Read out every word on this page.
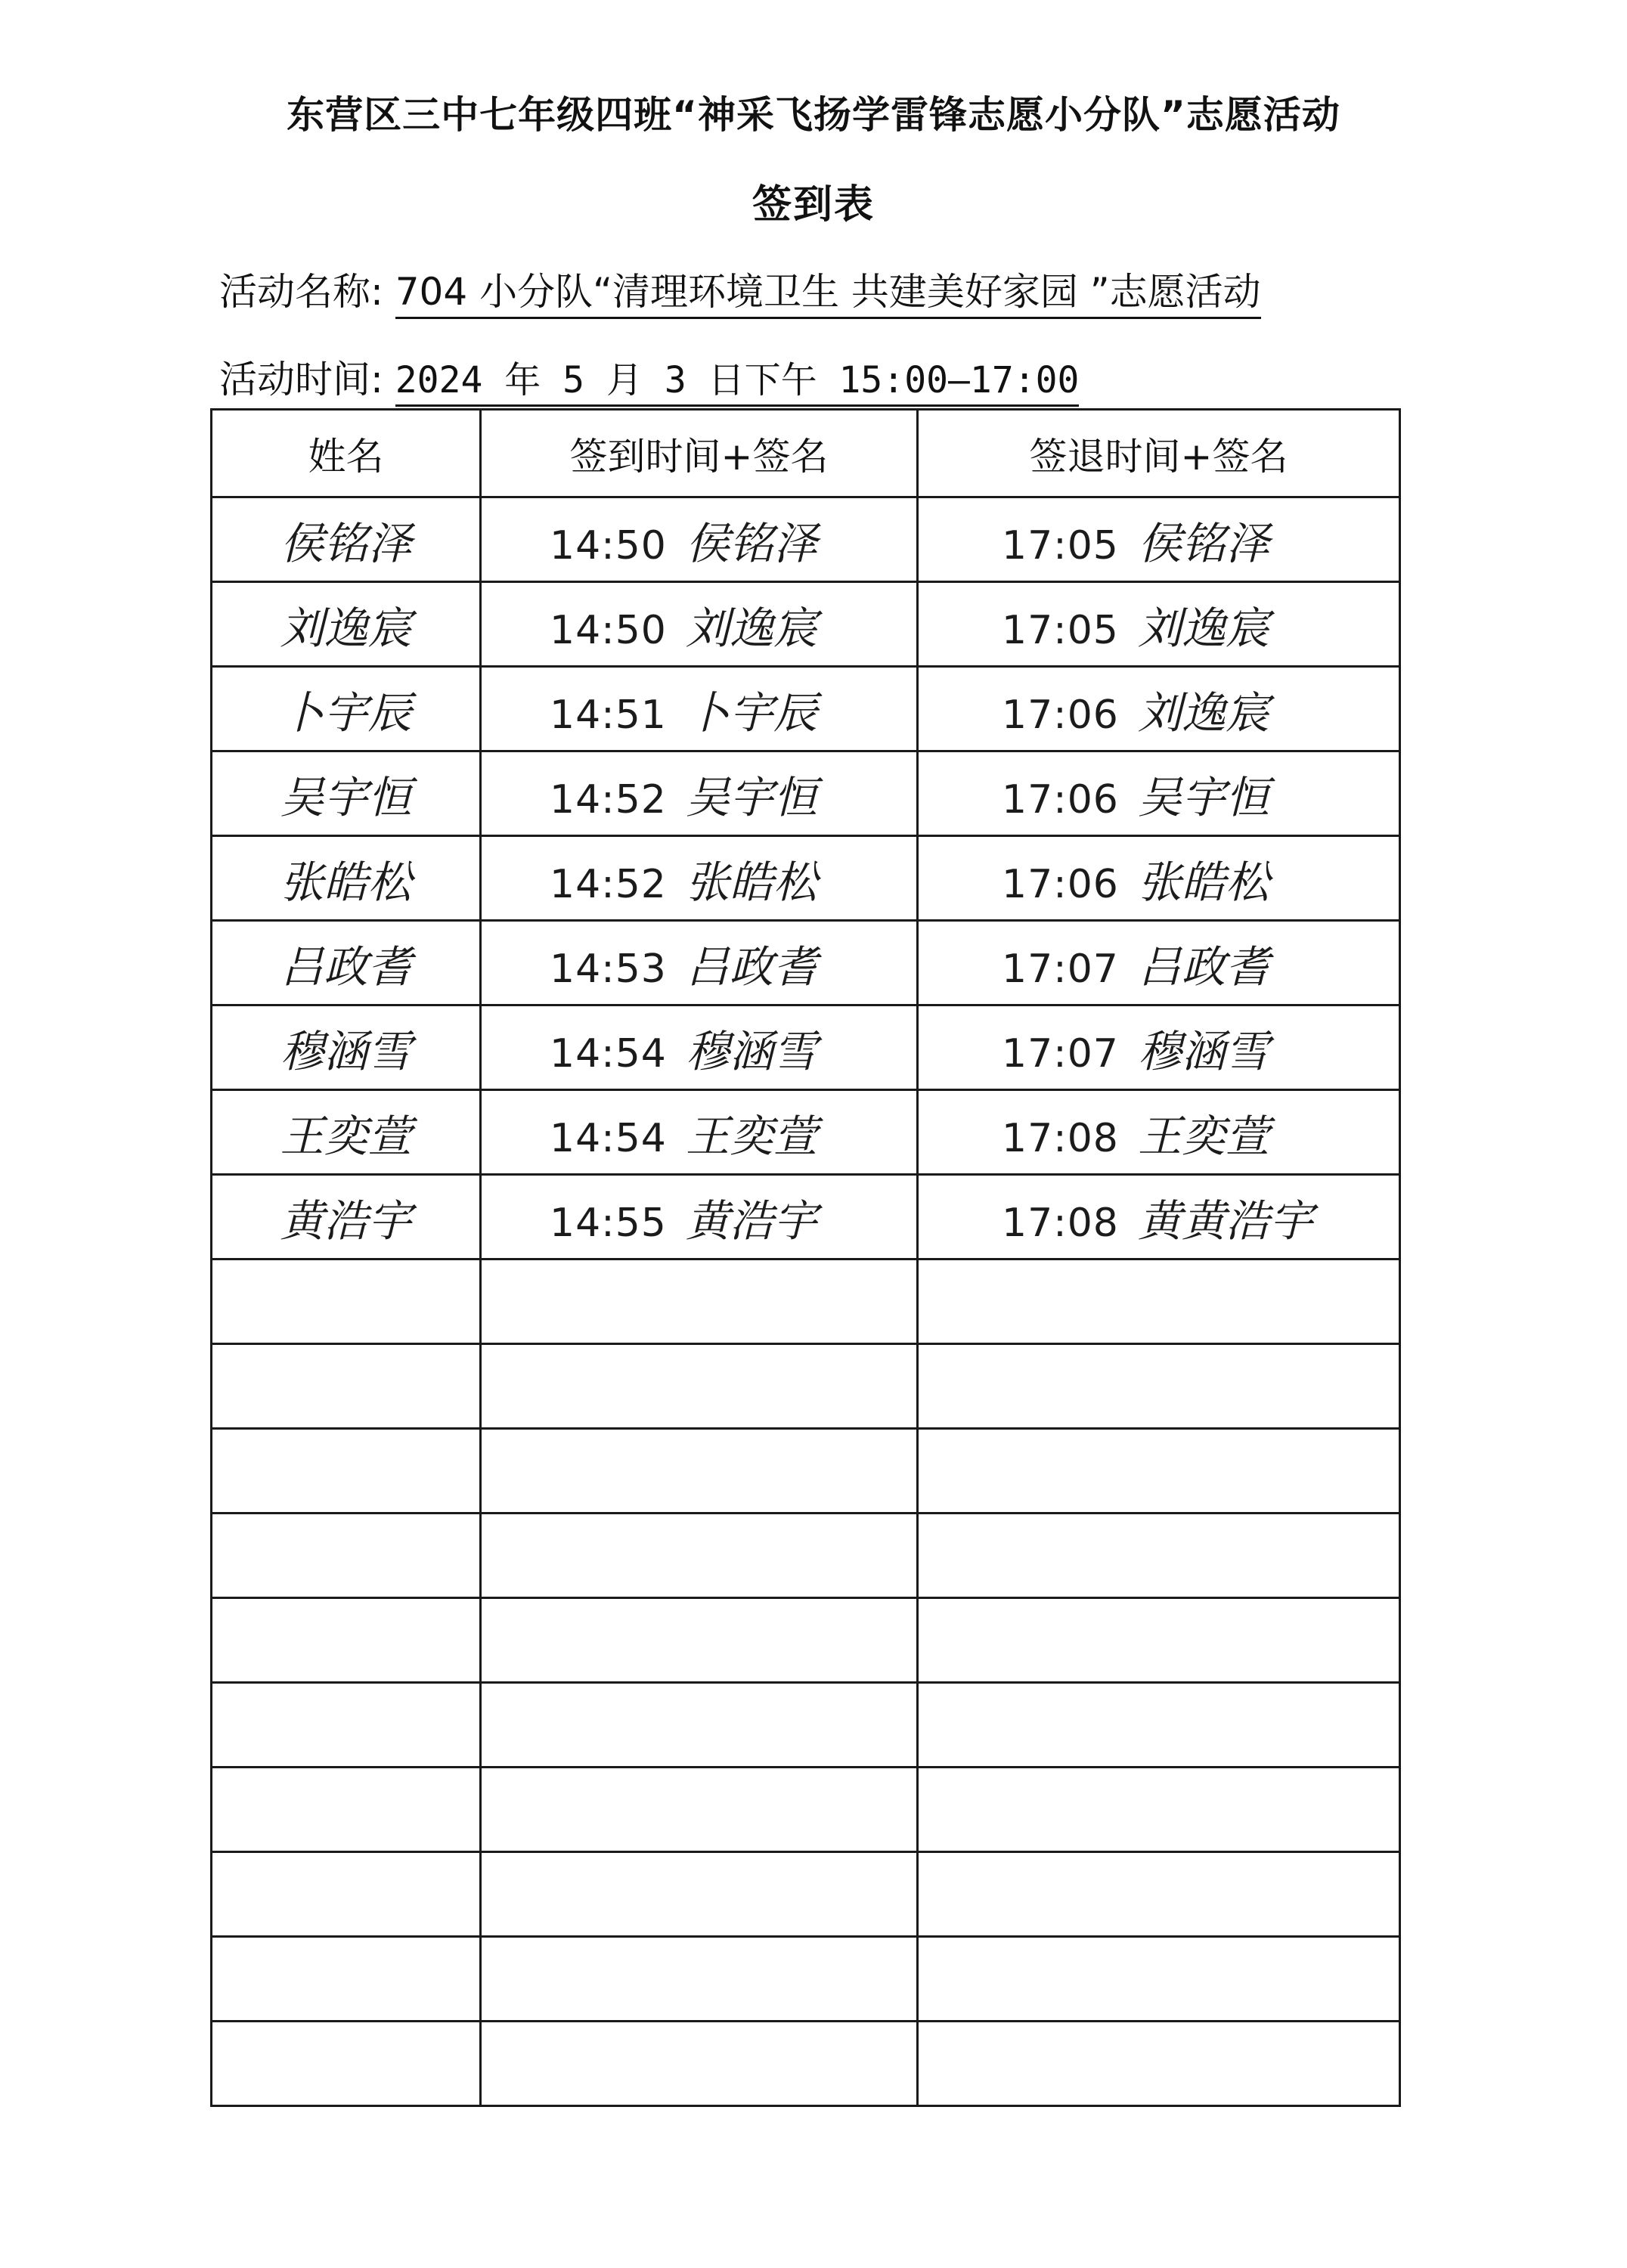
东营区三中七年级四班“神采飞扬学雷锋志愿小分队”志愿活动
签到表
活动名称: 704 小分队“清理环境卫生 共建美好家园 ”志愿活动
活动时间: 2024 年 5 月 3 日下午 15:00—17:00
姓名	签到时间+签名	签退时间+签名
侯铭泽	14:50 侯铭泽	17:05 侯铭泽
刘逸宸	14:50 刘逸宸	17:05 刘逸宸
卜宇辰	14:51 卜宇辰	17:06 刘逸宸
吴宇恒	14:52 吴宇恒	17:06 吴宇恒
张皓松	14:52 张皓松	17:06 张皓松
吕政耆	14:53 吕政耆	17:07 吕政耆
穆涵雪	14:54 穆涵雪	17:07 穆涵雪
王奕萱	14:54 王奕萱	17:08 王奕萱
黄浩宇	14:55 黄浩宇	17:08 黄黄浩宇
